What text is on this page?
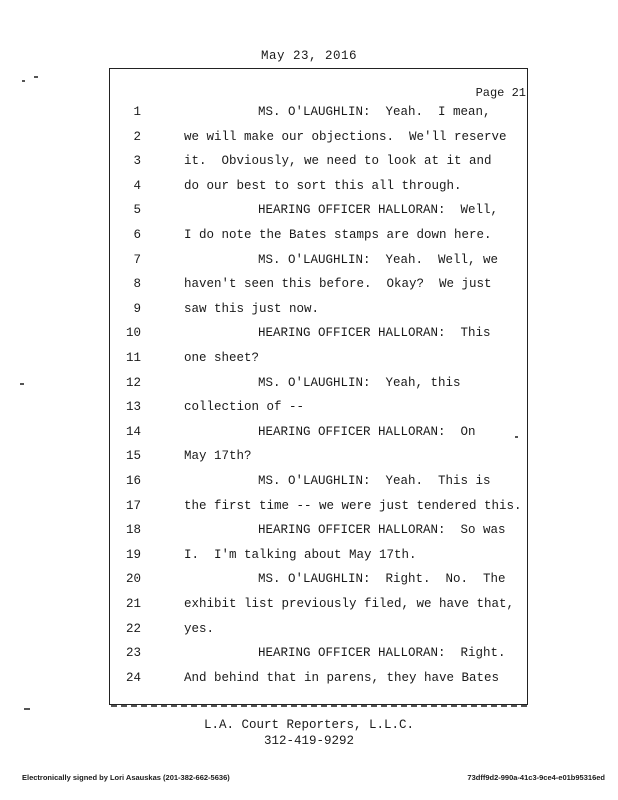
May 23, 2016
Page 21
1	MS. O'LAUGHLIN:  Yeah.  I mean,
2	we will make our objections.  We'll reserve
3	it.  Obviously, we need to look at it and
4	do our best to sort this all through.
5	HEARING OFFICER HALLORAN:  Well,
6	I do note the Bates stamps are down here.
7	MS. O'LAUGHLIN:  Yeah.  Well, we
8	haven't seen this before.  Okay?  We just
9	saw this just now.
10	HEARING OFFICER HALLORAN:  This
11	one sheet?
12	MS. O'LAUGHLIN:  Yeah, this
13	collection of --
14	HEARING OFFICER HALLORAN:  On
15	May 17th?
16	MS. O'LAUGHLIN:  Yeah.  This is
17	the first time -- we were just tendered this.
18	HEARING OFFICER HALLORAN:  So was
19	I.  I'm talking about May 17th.
20	MS. O'LAUGHLIN:  Right.  No.  The
21	exhibit list previously filed, we have that,
22	yes.
23	HEARING OFFICER HALLORAN:  Right.
24	And behind that in parens, they have Bates
L.A. Court Reporters, L.L.C.
312-419-9292
Electronically signed by Lori Asauskas (201-382-662-5636)	73dff9d2-990a-41c3-9ce4-e01b95316ed
